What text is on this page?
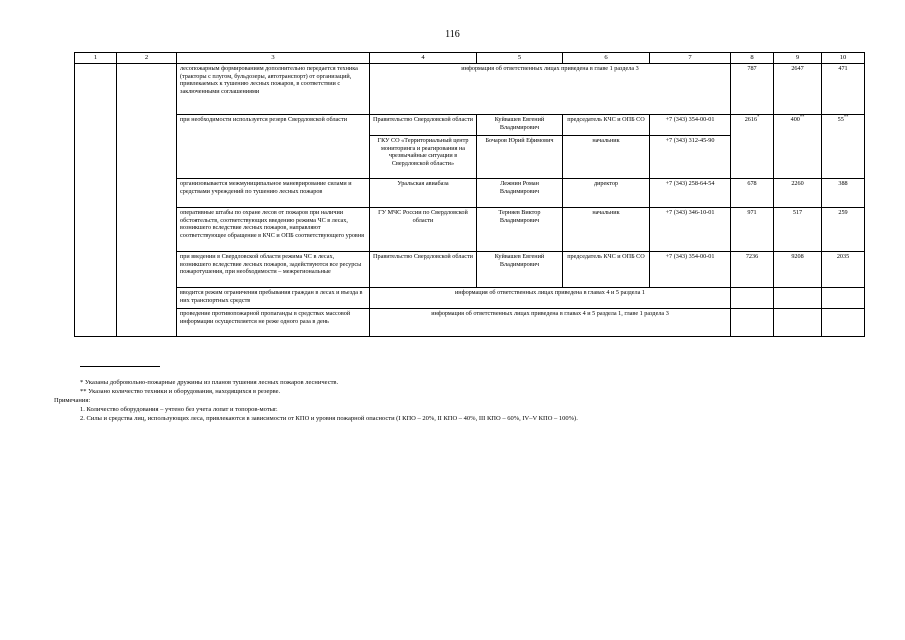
116
1	2	3	4	5	6	7	8	9	10
		лесопожарным формированиям дополнительно передается техника (тракторы с плугом, бульдозеры, автотранспорт) от организаций, привлекаемых к тушению лесных пожаров, в соответствии с заключенными соглашениями	информация об ответственных лицах приведена в главе 1 раздела 3				787	2647	471
		при необходимости используется резерв Свердловской области	Правительство Свердловской области	Куйвашев Евгений Владимирович	председатель КЧС и ОПБ СО	+7 (343) 354-00-01	2616*	400**	55**
			ГКУ СО «Территориальный центр мониторинга и реагирования на чрезвычайные ситуации в Свердловской области»	Бочаров Юрий Ефимович	начальник	+7 (343) 312-45-90			
		организовывается межмуниципальное маневрирование силами и средствами учреждений по тушению лесных пожаров	Уральская авиабаза	Лежнин Роман Владимирович	директор	+7 (343) 258-64-54	678	2260	388
		оперативные штабы по охране лесов от пожаров при наличии обстоятельств, соответствующих введению режима ЧС в лесах, возникшего вследствие лесных пожаров, направляют соответствующее обращение в КЧС и ОПБ соответствующего уровня	ГУ МЧС России по Свердловской области	Терняев Виктор Владимирович	начальник	+7 (343) 346-10-01	971	517	259
		при введении в Свердловской области режима ЧС в лесах, возникшего вследствие лесных пожаров, задействуются все ресурсы пожаротушения, при необходимости – межрегиональные	Правительство Свердловской области	Куйвашев Евгений Владимирович	председатель КЧС и ОПБ СО	+7 (343) 354-00-01	7236	9208	2035
		вводится режим ограничения пребывания граждан в лесах и въезда в них транспортных средств	информация об ответственных лицах приведена в главах 4 и 5 раздела 1						
		проведение противопожарной пропаганды в средствах массовой информации осуществляется не реже одного раза в день	информация об ответственных лицах приведена в главах 4 и 5 раздела 1, главе 1 раздела 3						
* Указаны добровольно-пожарные дружины из планов тушения лесных пожаров лесничеств.
** Указано количество техники и оборудования, находящихся в резерве.
Примечания:
1. Количество оборудования – учтено без учета лопат и топоров-мотыг.
2. Силы и средства лиц, использующих леса, привлекаются в зависимости от КПО и уровня пожарной опасности (I КПО – 20%, II КПО – 40%, III КПО – 60%, IV–V КПО – 100%).
